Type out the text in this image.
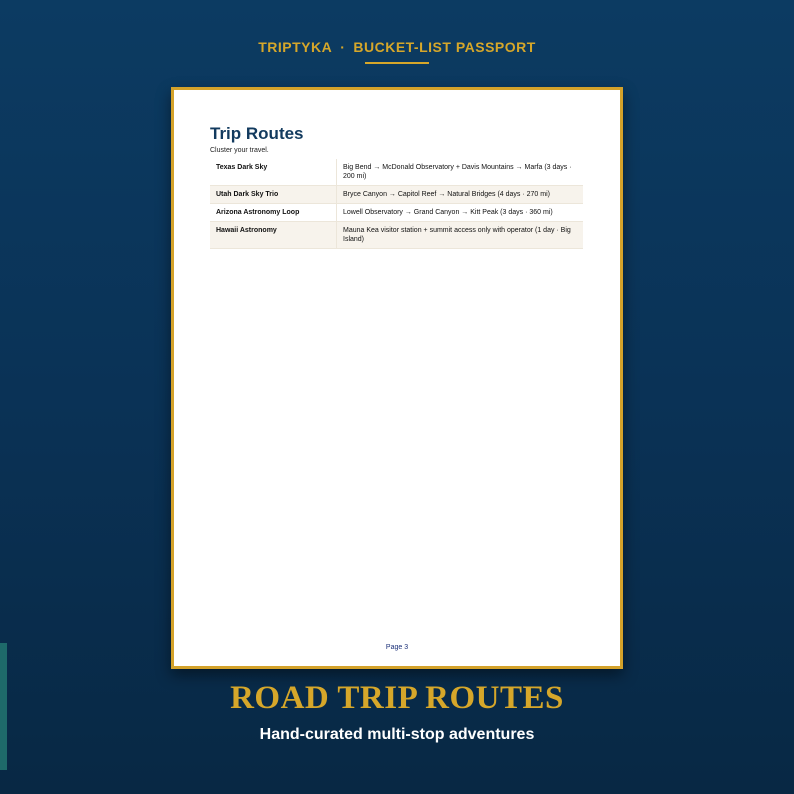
TRIPTYKA · BUCKET-LIST PASSPORT
Trip Routes
Cluster your travel.
Texas Dark Sky	Big Bend → McDonald Observatory + Davis Mountains → Marfa (3 days · 200 mi)
Utah Dark Sky Trio	Bryce Canyon → Capitol Reef → Natural Bridges (4 days · 270 mi)
Arizona Astronomy Loop	Lowell Observatory → Grand Canyon → Kitt Peak (3 days · 360 mi)
Hawaii Astronomy	Mauna Kea visitor station + summit access only with operator (1 day · Big Island)
Page 3
ROAD TRIP ROUTES
Hand-curated multi-stop adventures
